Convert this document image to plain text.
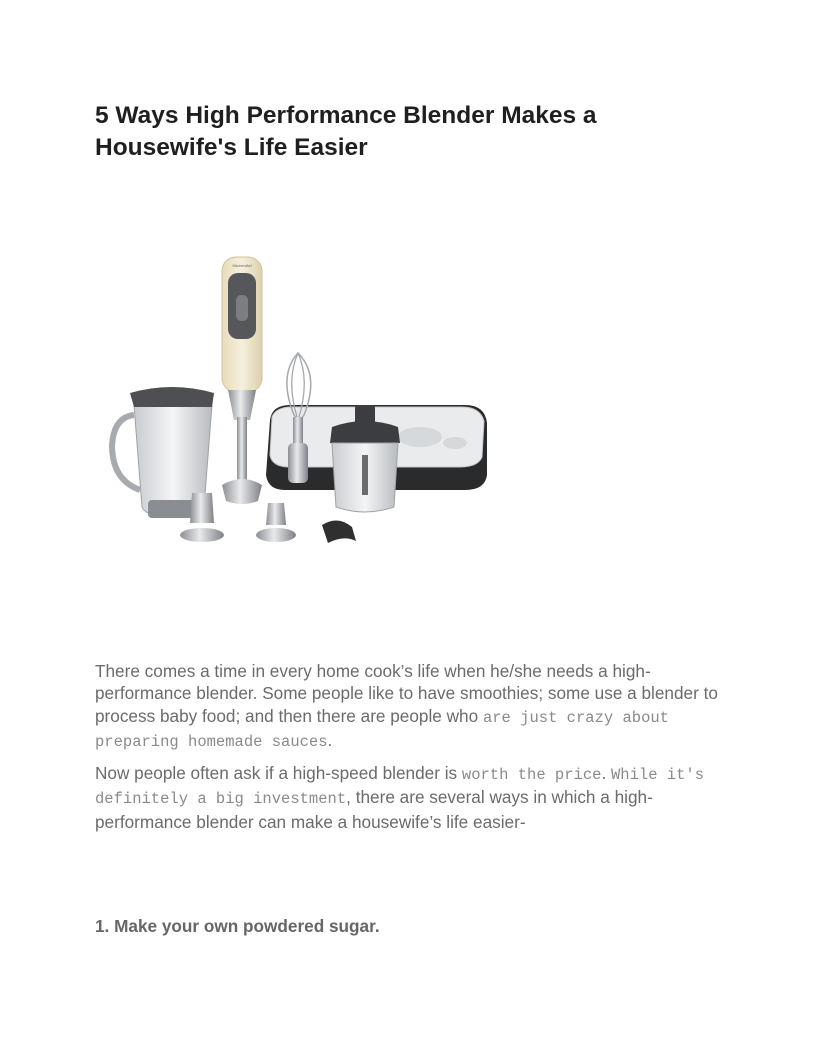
5 Ways High Performance Blender Makes a Housewife's Life Easier
KitchenAid

There comes a time in every home cook’s life when he/she needs a high-performance blender. Some people like to have smoothies; some use a blender to process baby food; and then there are people who are just crazy about preparing homemade sauces.

Now people often ask if a high-speed blender is worth the price. While it's definitely a big investment, there are several ways in which a high-performance blender can make a housewife’s life easier-

1. Make your own powdered sugar.
